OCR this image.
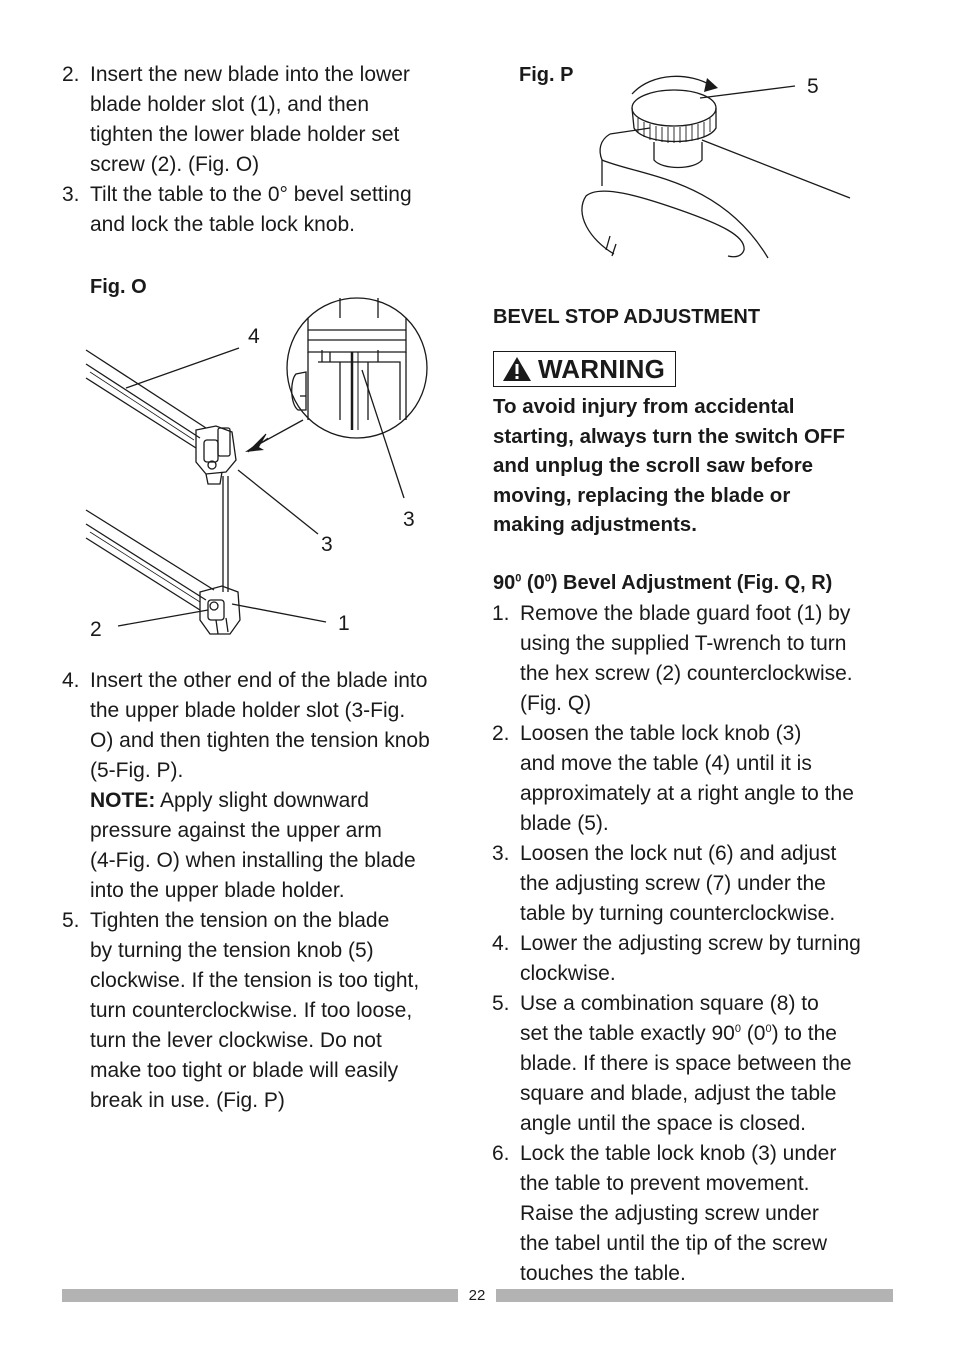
2. Insert the new blade into the lower
blade holder slot (1), and then
tighten the lower blade holder set
screw (2). (Fig. O)
3. Tilt the table to the 0° bevel setting
and lock the table lock knob.
Fig. O
4
3
3
1
2
4. Insert the other end of the blade into
the upper blade holder slot (3-Fig.
O) and then tighten the tension knob
(5-Fig. P).
NOTE: Apply slight downward
pressure against the upper arm
(4-Fig. O) when installing the blade
into the upper blade holder.
5. Tighten the tension on the blade
by turning the tension knob (5)
clockwise. If the tension is too tight,
turn counterclockwise. If too loose,
turn the lever clockwise. Do not
make too tight or blade will easily
break in use. (Fig. P)
Fig. P	5
BEVEL STOP ADJUSTMENT
WARNING
To avoid injury from accidental
starting, always turn the switch OFF
and unplug the scroll saw before
moving, replacing the blade or
making adjustments.
$90^0$ $(0^0)$ Bevel Adjustment (Fig. Q, R)
1. Remove the blade guard foot (1) by
using the supplied T-wrench to turn
the hex screw (2) counterclockwise.
(Fig. Q)
2. Loosen the table lock knob (3)
and move the table (4) until it is
approximately at a right angle to the
blade (5).
3. Loosen the lock nut (6) and adjust
the adjusting screw (7) under the
table by turning counterclockwise.
4. Lower the adjusting screw by turning
clockwise.
5. Use a combination square (8) to
set the table exactly $90^0$ $(0^0)$ to the
blade. If there is space between the
square and blade, adjust the table
angle until the space is closed.
6. Lock the table lock knob (3) under
the table to prevent movement.
Raise the adjusting screw under
the tabel until the tip of the screw
touches the table.
22
